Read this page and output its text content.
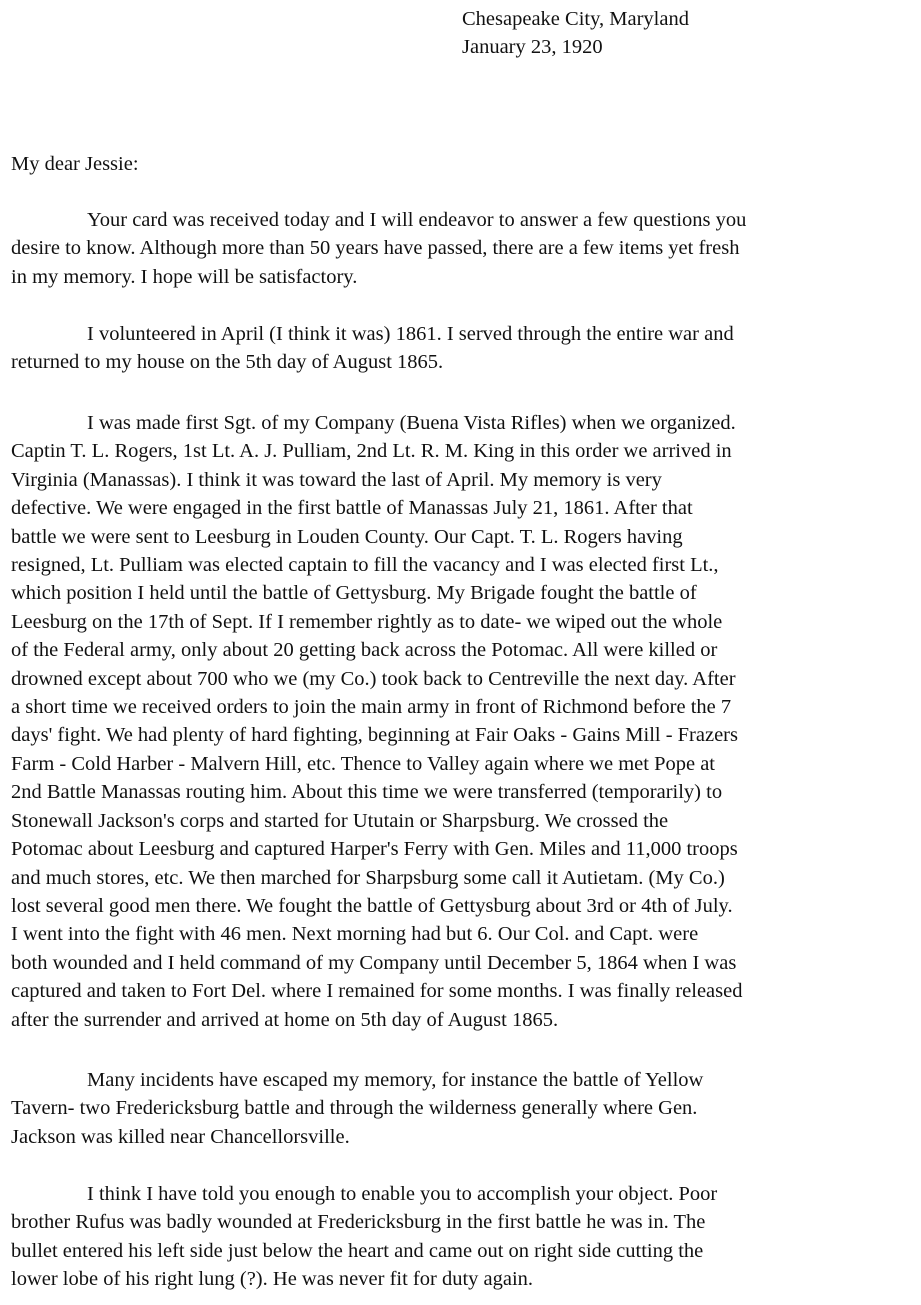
Chesapeake City, Maryland
January 23, 1920
My dear Jessie:
Your card was received today and I will endeavor to answer a few questions you
desire to know. Although more than 50 years have passed, there are a few items yet fresh
in my memory. I hope will be satisfactory.
I volunteered in April (I think it was) 1861. I served through the entire war and
returned to my house on the 5th day of August 1865.
I was made first Sgt. of my Company (Buena Vista Rifles) when we organized.
Captin T. L. Rogers, 1st Lt. A. J. Pulliam, 2nd Lt. R. M. King in this order we arrived in
Virginia (Manassas). I think it was toward the last of April. My memory is very
defective. We were engaged in the first battle of Manassas July 21, 1861. After that
battle we were sent to Leesburg in Louden County. Our Capt. T. L. Rogers having
resigned, Lt. Pulliam was elected captain to fill the vacancy and I was elected first Lt.,
which position I held until the battle of Gettysburg. My Brigade fought the battle of
Leesburg on the 17th of Sept. If I remember rightly as to date- we wiped out the whole
of the Federal army, only about 20 getting back across the Potomac. All were killed or
drowned except about 700 who we (my Co.) took back to Centreville the next day. After
a short time we received orders to join the main army in front of Richmond before the 7
days' fight. We had plenty of hard fighting, beginning at Fair Oaks - Gains Mill - Frazers
Farm - Cold Harber - Malvern Hill, etc. Thence to Valley again where we met Pope at
2nd Battle Manassas routing him. About this time we were transferred (temporarily) to
Stonewall Jackson's corps and started for Ututain or Sharpsburg. We crossed the
Potomac about Leesburg and captured Harper's Ferry with Gen. Miles and 11,000 troops
and much stores, etc. We then marched for Sharpsburg some call it Autietam. (My Co.)
lost several good men there. We fought the battle of Gettysburg about 3rd or 4th of July.
I went into the fight with 46 men. Next morning had but 6. Our Col. and Capt. were
both wounded and I held command of my Company until December 5, 1864 when I was
captured and taken to Fort Del. where I remained for some months. I was finally released
after the surrender and arrived at home on 5th day of August 1865.
Many incidents have escaped my memory, for instance the battle of Yellow
Tavern- two Fredericksburg battle and through the wilderness generally where Gen.
Jackson was killed near Chancellorsville.
I think I have told you enough to enable you to accomplish your object. Poor
brother Rufus was badly wounded at Fredericksburg in the first battle he was in. The
bullet entered his left side just below the heart and came out on right side cutting the
lower lobe of his right lung (?). He was never fit for duty again.
